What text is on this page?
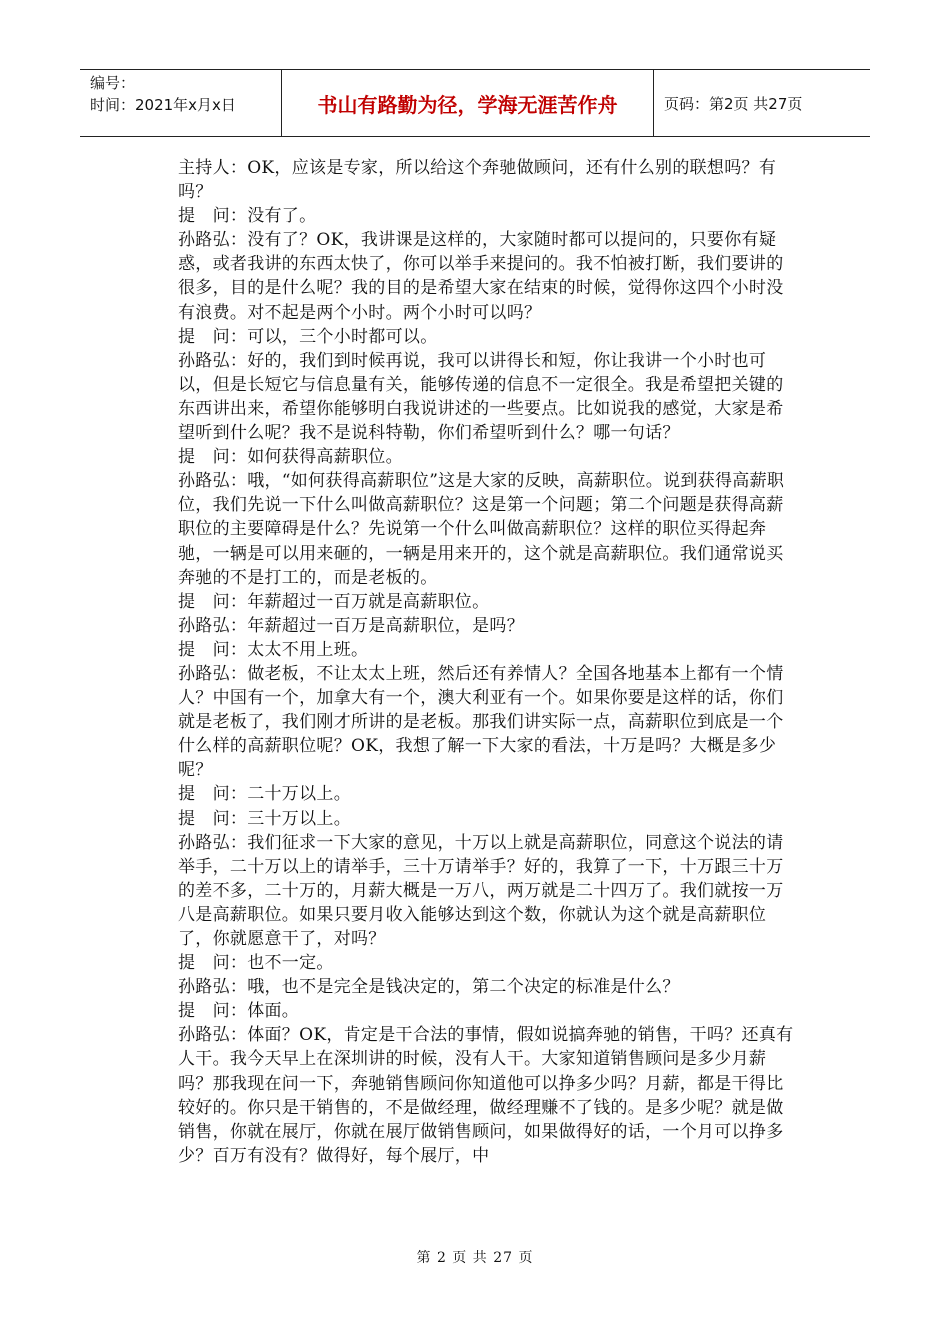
编号：
时间：2021年x月x日	书山有路勤为径，学海无涯苦作舟	页码：第2页 共27页

主持人：OK，应该是专家，所以给这个奔驰做顾问，还有什么别的联想吗？有吗？

提　问：没有了。

孙路弘：没有了？OK，我讲课是这样的，大家随时都可以提问的，只要你有疑惑，或者我讲的东西太快了，你可以举手来提问的。我不怕被打断，我们要讲的很多，目的是什么呢？我的目的是希望大家在结束的时候，觉得你这四个小时没有浪费。对不起是两个小时。两个小时可以吗？

提　问：可以，三个小时都可以。

孙路弘：好的，我们到时候再说，我可以讲得长和短，你让我讲一个小时也可以，但是长短它与信息量有关，能够传递的信息不一定很全。我是希望把关键的东西讲出来，希望你能够明白我说讲述的一些要点。比如说我的感觉，大家是希望听到什么呢？我不是说科特勒，你们希望听到什么？哪一句话？

提　问：如何获得高薪职位。

孙路弘：哦，“如何获得高薪职位”这是大家的反映，高薪职位。说到获得高薪职位，我们先说一下什么叫做高薪职位？这是第一个问题；第二个问题是获得高薪职位的主要障碍是什么？先说第一个什么叫做高薪职位？这样的职位买得起奔驰，一辆是可以用来砸的，一辆是用来开的，这个就是高薪职位。我们通常说买奔驰的不是打工的，而是老板的。

提　问：年薪超过一百万就是高薪职位。

孙路弘：年薪超过一百万是高薪职位，是吗？

提　问：太太不用上班。

孙路弘：做老板，不让太太上班，然后还有养情人？全国各地基本上都有一个情人？中国有一个，加拿大有一个，澳大利亚有一个。如果你要是这样的话，你们就是老板了，我们刚才所讲的是老板。那我们讲实际一点，高薪职位到底是一个什么样的高薪职位呢？OK，我想了解一下大家的看法，十万是吗？大概是多少呢？

提　问：二十万以上。

提　问：三十万以上。

孙路弘：我们征求一下大家的意见，十万以上就是高薪职位，同意这个说法的请举手，二十万以上的请举手，三十万请举手？好的，我算了一下，十万跟三十万的差不多，二十万的，月薪大概是一万八，两万就是二十四万了。我们就按一万八是高薪职位。如果只要月收入能够达到这个数，你就认为这个就是高薪职位了，你就愿意干了，对吗？

提　问：也不一定。

孙路弘：哦，也不是完全是钱决定的，第二个决定的标准是什么？

提　问：体面。

孙路弘：体面？OK，肯定是干合法的事情，假如说搞奔驰的销售，干吗？还真有人干。我今天早上在深圳讲的时候，没有人干。大家知道销售顾问是多少月薪吗？那我现在问一下，奔驰销售顾问你知道他可以挣多少吗？月薪，都是干得比较好的。你只是干销售的，不是做经理，做经理赚不了钱的。是多少呢？就是做销售，你就在展厅，你就在展厅做销售顾问，如果做得好的话，一个月可以挣多少？百万有没有？做得好，每个展厅，中

第 2 页 共 27 页
